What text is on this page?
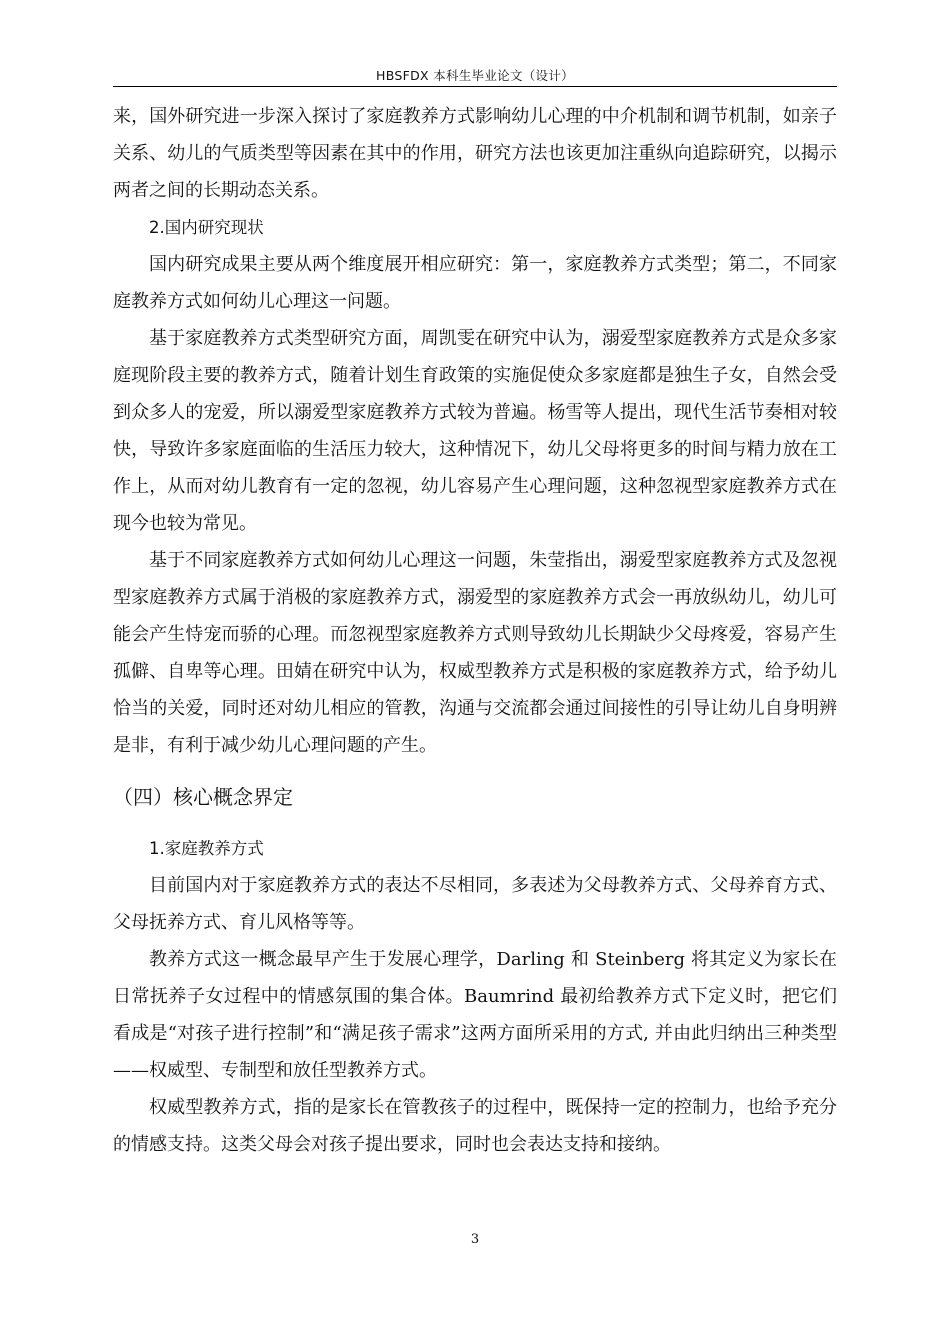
HBSFDX 本科生毕业论文（设计）

来，国外研究进一步深入探讨了家庭教养方式影响幼儿心理的中介机制和调节机制，如亲子关系、幼儿的气质类型等因素在其中的作用，研究方法也该更加注重纵向追踪研究，以揭示两者之间的长期动态关系。

2.国内研究现状

国内研究成果主要从两个维度展开相应研究：第一，家庭教养方式类型；第二，不同家庭教养方式如何幼儿心理这一问题。

基于家庭教养方式类型研究方面，周凯雯在研究中认为，溺爱型家庭教养方式是众多家庭现阶段主要的教养方式，随着计划生育政策的实施促使众多家庭都是独生子女，自然会受到众多人的宠爱，所以溺爱型家庭教养方式较为普遍。杨雪等人提出，现代生活节奏相对较快，导致许多家庭面临的生活压力较大，这种情况下，幼儿父母将更多的时间与精力放在工作上，从而对幼儿教育有一定的忽视，幼儿容易产生心理问题，这种忽视型家庭教养方式在现今也较为常见。

基于不同家庭教养方式如何幼儿心理这一问题，朱莹指出，溺爱型家庭教养方式及忽视型家庭教养方式属于消极的家庭教养方式，溺爱型的家庭教养方式会一再放纵幼儿，幼儿可能会产生恃宠而骄的心理。而忽视型家庭教养方式则导致幼儿长期缺少父母疼爱，容易产生孤僻、自卑等心理。田婧在研究中认为，权威型教养方式是积极的家庭教养方式，给予幼儿恰当的关爱，同时还对幼儿相应的管教，沟通与交流都会通过间接性的引导让幼儿自身明辨是非，有利于减少幼儿心理问题的产生。

（四）核心概念界定
1.家庭教养方式

目前国内对于家庭教养方式的表达不尽相同，多表述为父母教养方式、父母养育方式、父母抚养方式、育儿风格等等。

教养方式这一概念最早产生于发展心理学，Darling 和 Steinberg 将其定义为家长在日常抚养子女过程中的情感氛围的集合体。Baumrind 最初给教养方式下定义时，把它们看成是“对孩子进行控制”和“满足孩子需求”这两方面所采用的方式, 并由此归纳出三种类型——权威型、专制型和放任型教养方式。

权威型教养方式，指的是家长在管教孩子的过程中，既保持一定的控制力，也给予充分的情感支持。这类父母会对孩子提出要求，同时也会表达支持和接纳。

3
